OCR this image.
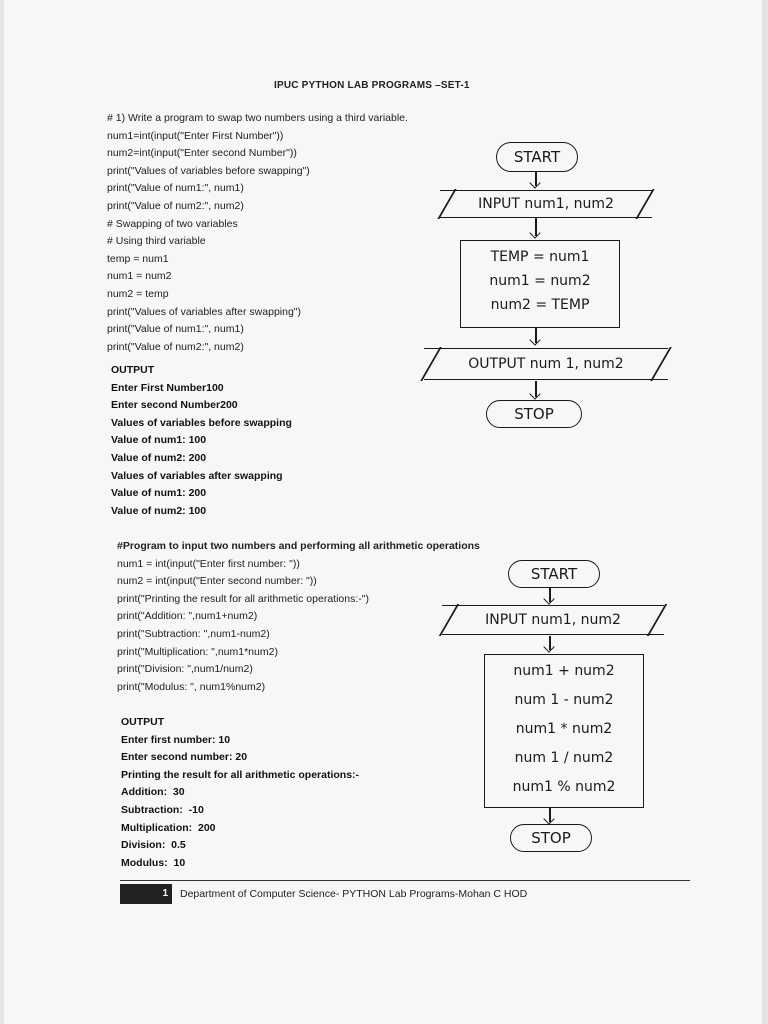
IPUC PYTHON LAB PROGRAMS –SET-1
# 1) Write a program to swap two numbers using a third variable.
num1=int(input("Enter First Number"))
num2=int(input("Enter second Number"))
print("Values of variables before swapping")
print("Value of num1:", num1)
print("Value of num2:", num2)
# Swapping of two variables
# Using third variable
temp = num1
num1 = num2
num2 = temp
print("Values of variables after swapping")
print("Value of num1:", num1)
print("Value of num2:", num2)
OUTPUT
Enter First Number100
Enter second Number200
Values of variables before swapping
Value of num1: 100
Value of num2: 200
Values of variables after swapping
Value of num1: 200
Value of num2: 100
START
INPUT num1, num2
TEMP = num1
num1 = num2
num2 = TEMP
OUTPUT num 1, num2
STOP
#Program to input two numbers and performing all arithmetic operations
num1 = int(input("Enter first number: "))
num2 = int(input("Enter second number: "))
print("Printing the result for all arithmetic operations:-")
print("Addition: ",num1+num2)
print("Subtraction: ",num1-num2)
print("Multiplication: ",num1*num2)
print("Division: ",num1/num2)
print("Modulus: ", num1%num2)
OUTPUT
Enter first number: 10
Enter second number: 20
Printing the result for all arithmetic operations:-
Addition:  30
Subtraction:  -10
Multiplication:  200
Division:  0.5
Modulus:  10
START
INPUT num1, num2
num1 + num2
num 1 - num2
num1 * num2
num 1 / num2
num1 % num2
STOP
1	Department of Computer Science- PYTHON Lab Programs-Mohan C HOD
